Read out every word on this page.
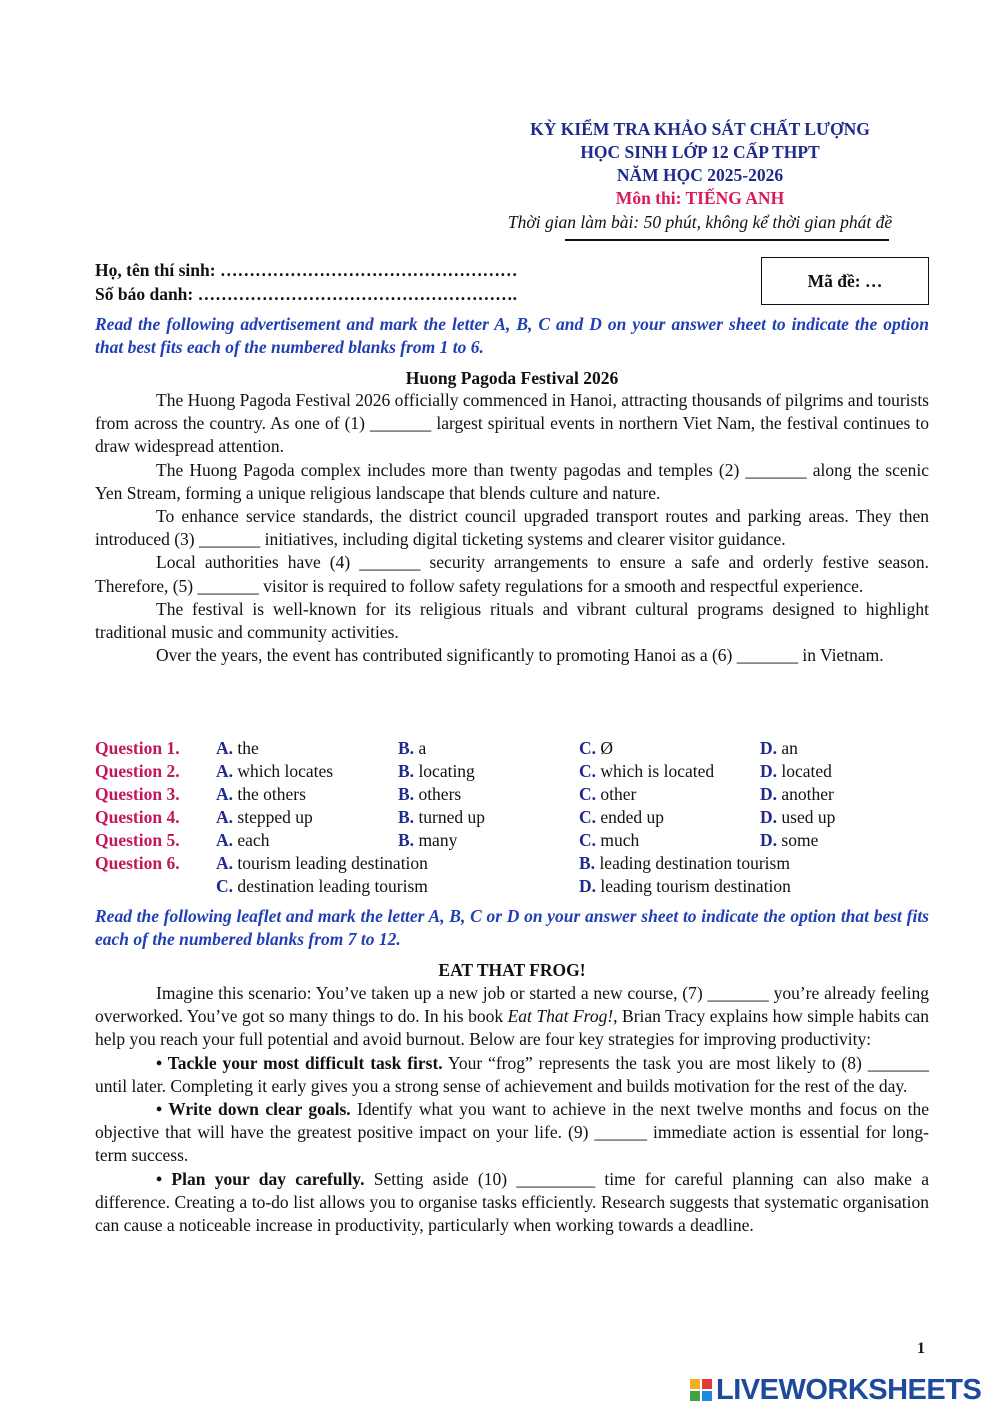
KỲ KIỂM TRA KHẢO SÁT CHẤT LƯỢNG
HỌC SINH LỚP 12 CẤP THPT
NĂM HỌC 2025-2026
Môn thi: TIẾNG ANH
Thời gian làm bài: 50 phút, không kể thời gian phát đề
Họ, tên thí sinh: ……………………………………………
Số báo danh: ……………………………………………….
Mã đề: …
Read the following advertisement and mark the letter A, B, C and D on your answer sheet to indicate the option that best fits each of the numbered blanks from 1 to 6.
Huong Pagoda Festival 2026

The Huong Pagoda Festival 2026 officially commenced in Hanoi, attracting thousands of pilgrims and tourists from across the country. As one of (1) _______ largest spiritual events in northern Viet Nam, the festival continues to draw widespread attention.

The Huong Pagoda complex includes more than twenty pagodas and temples (2) _______ along the scenic Yen Stream, forming a unique religious landscape that blends culture and nature.

To enhance service standards, the district council upgraded transport routes and parking areas. They then introduced (3) _______ initiatives, including digital ticketing systems and clearer visitor guidance.

Local authorities have (4) _______ security arrangements to ensure a safe and orderly festive season. Therefore, (5) _______ visitor is required to follow safety regulations for a smooth and respectful experience.

The festival is well-known for its religious rituals and vibrant cultural programs designed to highlight traditional music and community activities.

Over the years, the event has contributed significantly to promoting Hanoi as a (6) _______ in Vietnam.

Question 1. A. the	B. a	C. Ø	D. an
Question 2. A. which locates	B. locating	C. which is located	D. located
Question 3. A. the others	B. others	C. other	D. another
Question 4. A. stepped up	B. turned up	C. ended up	D. used up
Question 5. A. each	B. many	C. much	D. some
Question 6. A. tourism leading destination	B. leading destination tourism
C. destination leading tourism	D. leading tourism destination
Read the following leaflet and mark the letter A, B, C or D on your answer sheet to indicate the option that best fits each of the numbered blanks from 7 to 12.
EAT THAT FROG!

Imagine this scenario: You’ve taken up a new job or started a new course, (7) _______ you’re already feeling overworked. You’ve got so many things to do. In his book Eat That Frog!, Brian Tracy explains how simple habits can help you reach your full potential and avoid burnout. Below are four key strategies for improving productivity:

• Tackle your most difficult task first. Your “frog” represents the task you are most likely to (8) _______ until later. Completing it early gives you a strong sense of achievement and builds motivation for the rest of the day.

• Write down clear goals. Identify what you want to achieve in the next twelve months and focus on the objective that will have the greatest positive impact on your life. (9) ______ immediate action is essential for long-term success.

• Plan your day carefully. Setting aside (10) _________ time for careful planning can also make a difference. Creating a to-do list allows you to organise tasks efficiently. Research suggests that systematic organisation can cause a noticeable increase in productivity, particularly when working towards a deadline.

1
LIVEWORKSHEETS
